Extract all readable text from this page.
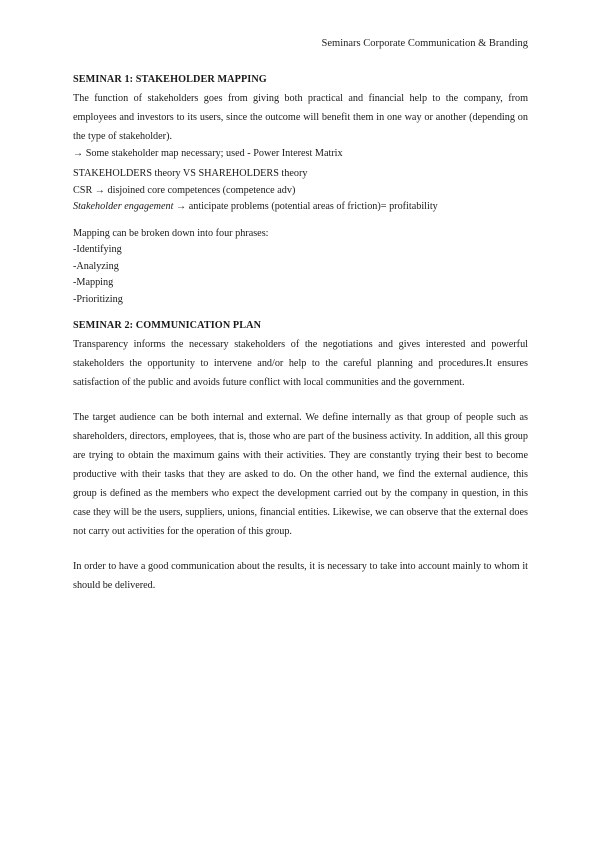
Seminars Corporate Communication & Branding
SEMINAR 1: STAKEHOLDER MAPPING

The function of stakeholders goes from giving both practical and financial help to the company, from employees and investors to its users, since the outcome will benefit them in one way or another (depending on the type of stakeholder).

→ Some stakeholder map necessary; used - Power Interest Matrix

STAKEHOLDERS theory VS SHAREHOLDERS theory

CSR → disjoined core competences (competence adv)

Stakeholder engagement → anticipate problems (potential areas of friction)= profitability

Mapping can be broken down into four phrases:

-Identifying
-Analyzing
-Mapping
-Prioritizing
SEMINAR 2: COMMUNICATION PLAN

Transparency informs the necessary stakeholders of the negotiations and gives interested and powerful stakeholders the opportunity to intervene and/or help to the careful planning and procedures.It ensures satisfaction of the public and avoids future conflict with local communities and the government.

The target audience can be both internal and external. We define internally as that group of people such as shareholders, directors, employees, that is, those who are part of the business activity. In addition, all this group are trying to obtain the maximum gains with their activities. They are constantly trying their best to become productive with their tasks that they are asked to do. On the other hand, we find the external audience, this group is defined as the members who expect the development carried out by the company in question, in this case they will be the users, suppliers, unions, financial entities. Likewise, we can observe that the external does not carry out activities for the operation of this group.

In order to have a good communication about the results, it is necessary to take into account mainly to whom it should be delivered.
